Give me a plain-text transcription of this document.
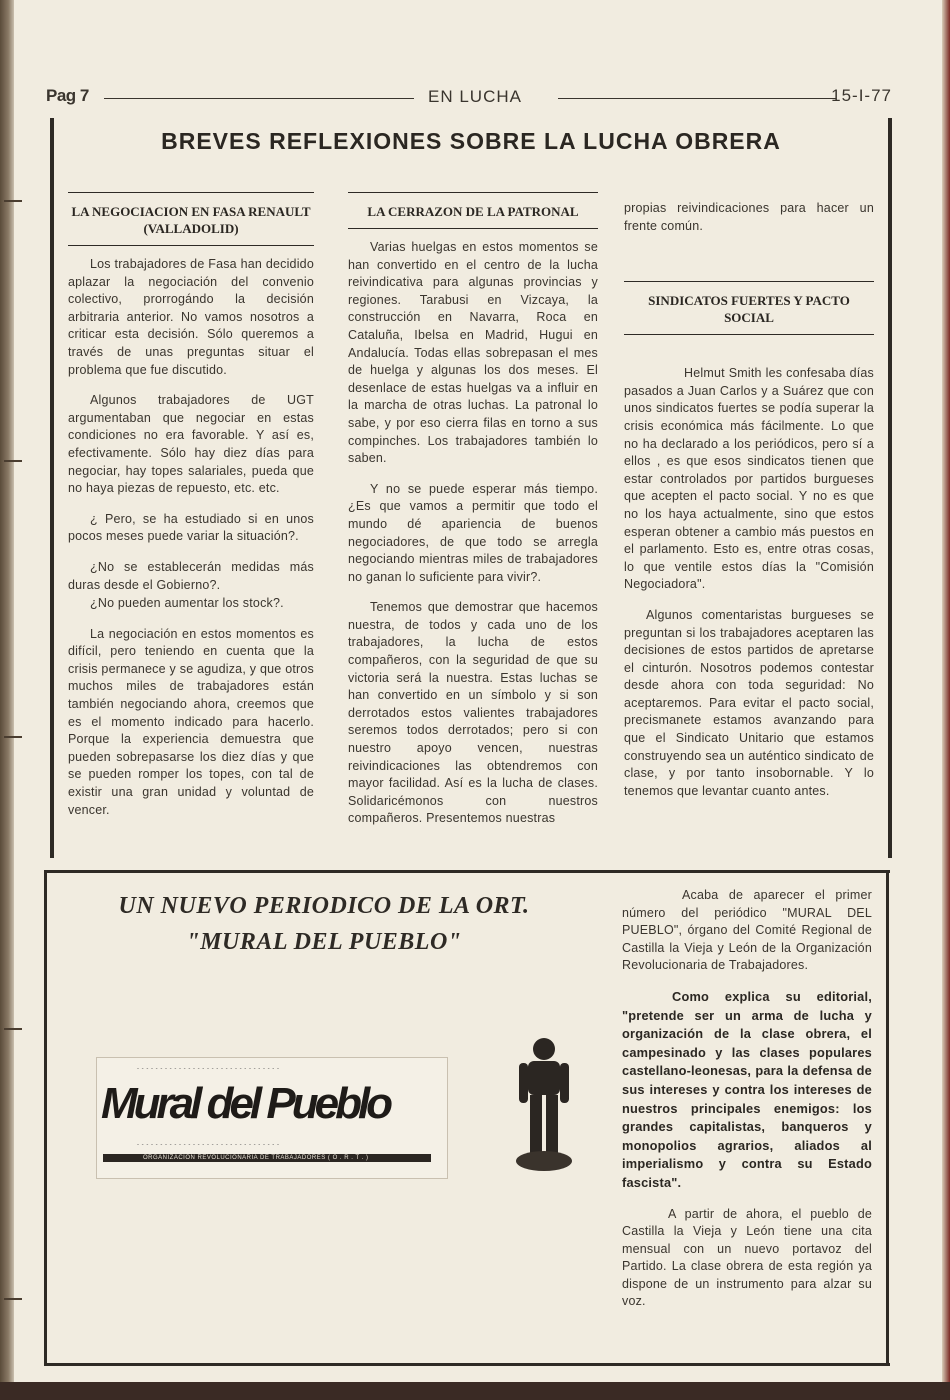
Pag 7	EN LUCHA	15-I-77
BREVES REFLEXIONES SOBRE LA LUCHA OBRERA
LA NEGOCIACION EN FASA RENAULT (VALLADOLID)

Los trabajadores de Fasa han decidido aplazar la negociación del convenio colectivo, prorrogándo la decisión arbitraria anterior. No vamos nosotros a criticar esta decisión. Sólo queremos a través de unas preguntas situar el problema que fue discutido.

Algunos trabajadores de UGT argumentaban que negociar en estas condiciones no era favorable. Y así es, efectivamente. Sólo hay diez días para negociar, hay topes salariales, pueda que no haya piezas de repuesto, etc. etc.

¿ Pero, se ha estudiado si en unos pocos meses puede variar la situación?.

¿No se establecerán medidas más duras desde el Gobierno?.

¿No pueden aumentar los stock?.

La negociación en estos momentos es difícil, pero teniendo en cuenta que la crisis permanece y se agudiza, y que otros muchos miles de trabajadores están también negociando ahora, creemos que es el momento indicado para hacerlo. Porque la experiencia demuestra que pueden sobrepasarse los diez días y que se pueden romper los topes, con tal de existir una gran unidad y voluntad de vencer.

LA CERRAZON DE LA PATRONAL

Varias huelgas en estos momentos se han convertido en el centro de la lucha reivindicativa para algunas provincias y regiones. Tarabusi en Vizcaya, la construcción en Navarra, Roca en Cataluña, Ibelsa en Madrid, Hugui en Andalucía. Todas ellas sobrepasan el mes de huelga y algunas los dos meses. El desenlace de estas huelgas va a influir en la marcha de otras luchas. La patronal lo sabe, y por eso cierra filas en torno a sus compinches. Los trabajadores también lo saben.

Y no se puede esperar más tiempo. ¿Es que vamos a permitir que todo el mundo dé apariencia de buenos negociadores, de que todo se arregla negociando mientras miles de trabajadores no ganan lo suficiente para vivir?.

Tenemos que demostrar que hacemos nuestra, de todos y cada uno de los trabajadores, la lucha de estos compañeros, con la seguridad de que su victoria será la nuestra. Estas luchas se han convertido en un símbolo y si son derrotados estos valientes trabajadores seremos todos derrotados; pero si con nuestro apoyo vencen, nuestras reivindicaciones las obtendremos con mayor facilidad. Así es la lucha de clases. Solidaricémonos con nuestros compañeros. Presentemos nuestras

propias reivindicaciones para hacer un frente común.

SINDICATOS FUERTES Y PACTO SOCIAL

Helmut Smith les confesaba días pasados a Juan Carlos y a Suárez que con unos sindicatos fuertes se podía superar la crisis económica más fácilmente. Lo que no ha declarado a los periódicos, pero sí a ellos , es que esos sindicatos tienen que estar controlados por partidos burgueses que acepten el pacto social. Y no es que no los haya actualmente, sino que estos esperan obtener a cambio más puestos en el parlamento. Esto es, entre otras cosas, lo que ventile estos días la "Comisión Negociadora".

Algunos comentaristas burgueses se preguntan si los trabajadores aceptaren las decisiones de estos partidos de apretarse el cinturón. Nosotros podemos contestar desde ahora con toda seguridad: No aceptaremos. Para evitar el pacto social, precismanete estamos avanzando para que el Sindicato Unitario que estamos construyendo sea un auténtico sindicato de clase, y por tanto insobornable. Y lo tenemos que levantar cuanto antes.

UN NUEVO PERIODICO DE LA ORT.
"MURAL DEL PUEBLO"
- - - - - - - - - - - - - - - - - - - - - - - - - - - - - - -
Mural del Pueblo
- - - - - - - - - - - - - - - - - - - - - - - - - - - - - - -
ORGANIZACION REVOLUCIONARIA DE TRABAJADORES ( O . R . T . )

Acaba de aparecer el primer número del periódico "MURAL DEL PUEBLO", órgano del Comité Regional de Castilla la Vieja y León de la Organización Revolucionaria de Trabajadores.

Como explica su editorial, "pretende ser un arma de lucha y organización de la clase obrera, el campesinado y las clases populares castellano-leonesas, para la defensa de sus intereses y contra los intereses de nuestros principales enemigos: los grandes capitalistas, banqueros y monopolios agrarios, aliados al imperialismo y contra su Estado fascista".

A partir de ahora, el pueblo de Castilla la Vieja y León tiene una cita mensual con un nuevo portavoz del Partido. La clase obrera de esta región ya dispone de un instrumento para alzar su voz.
